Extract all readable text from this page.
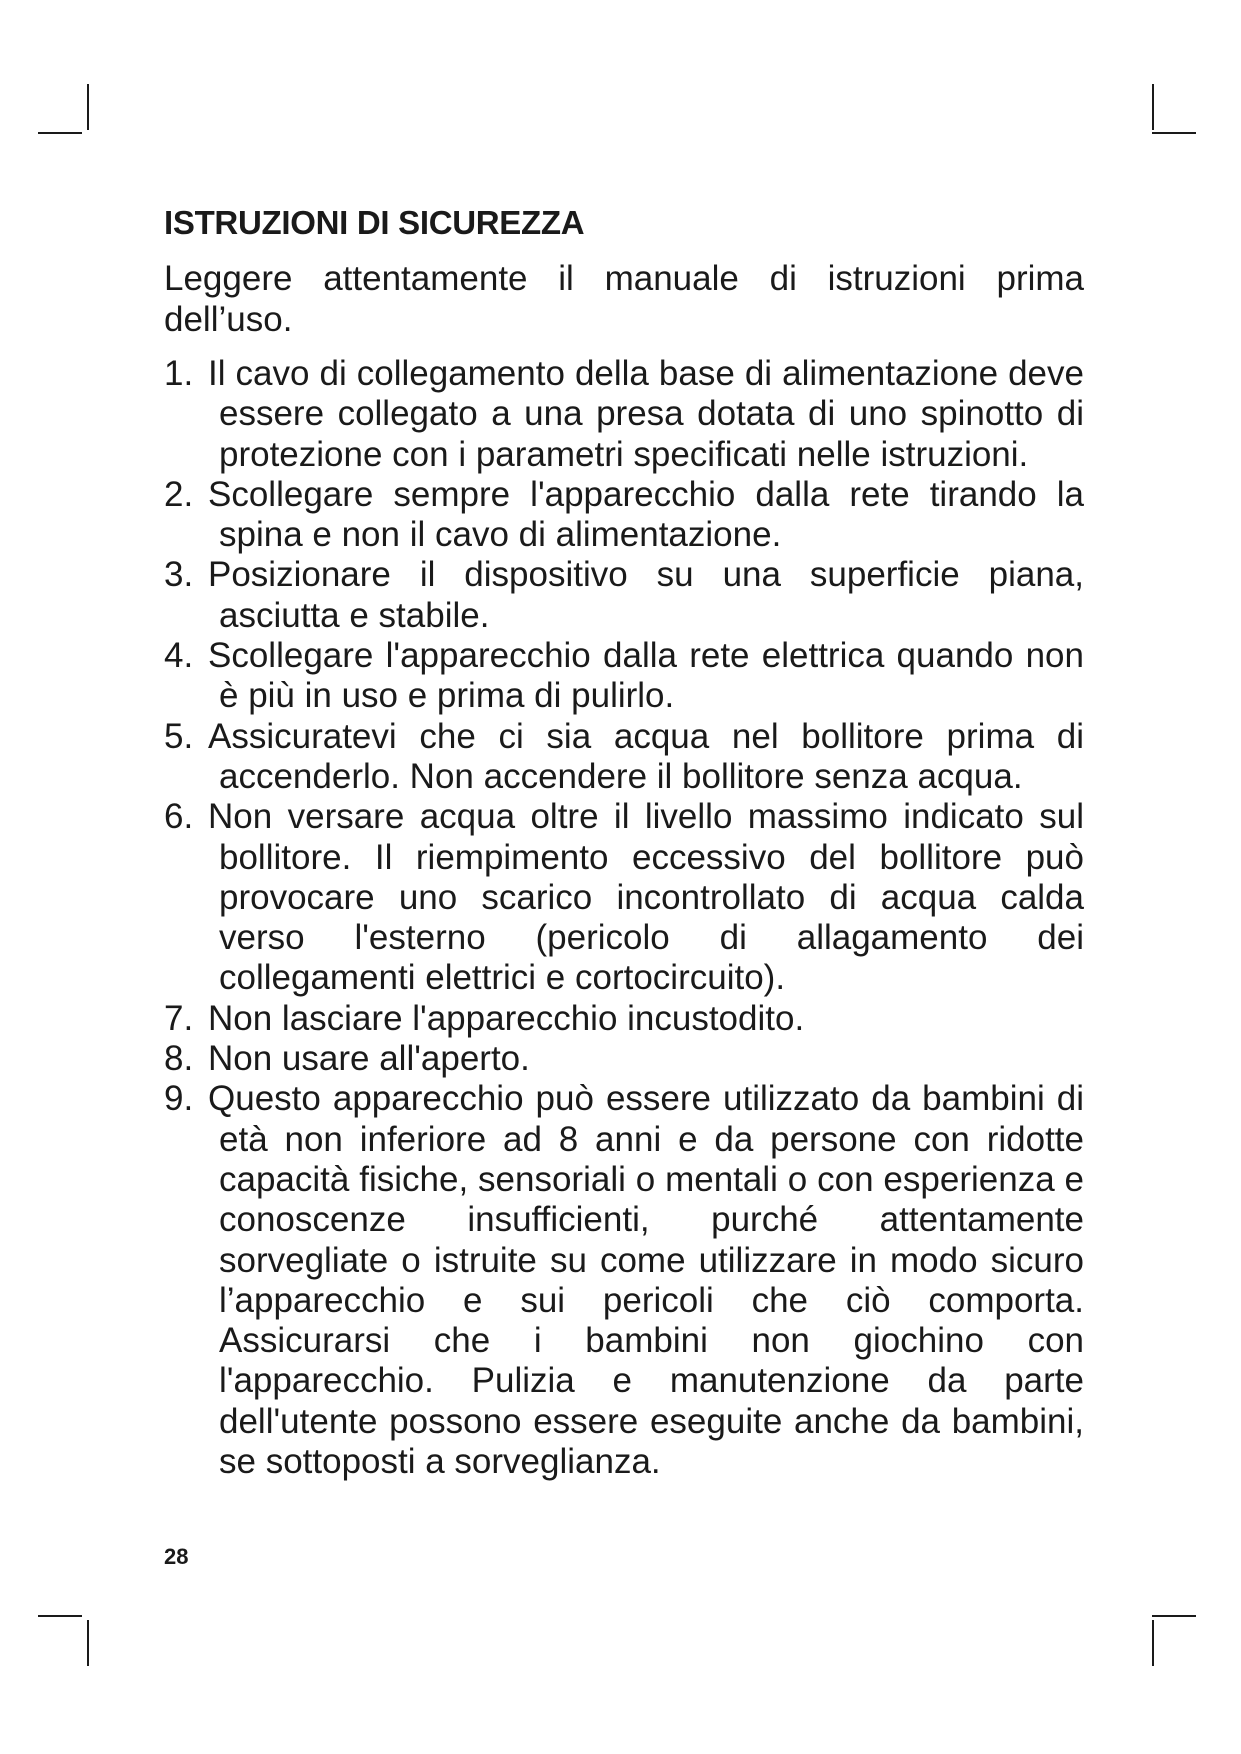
ISTRUZIONI DI SICUREZZA

Leggere attentamente il manuale di istruzioni prima dell’uso.

1. Il cavo di collegamento della base di alimentazione deve essere collegato a una presa dotata di uno spinotto di protezione con i parametri specificati nelle istruzioni.
2. Scollegare sempre l'apparecchio dalla rete tirando la spina e non il cavo di alimentazione.
3. Posizionare il dispositivo su una superficie piana, asciutta e stabile.
4. Scollegare l'apparecchio dalla rete elettrica quando non è più in uso e prima di pulirlo.
5. Assicuratevi che ci sia acqua nel bollitore prima di accenderlo. Non accendere il bollitore senza acqua.
6. Non versare acqua oltre il livello massimo indicato sul bollitore. Il riempimento eccessivo del bollitore può provocare uno scarico incontrollato di acqua calda verso l'esterno (pericolo di allagamento dei collegamenti elettrici e cortocircuito).
7. Non lasciare l'apparecchio incustodito.
8. Non usare all'aperto.
9. Questo apparecchio può essere utilizzato da bambini di età non inferiore ad 8 anni e da persone con ridotte capacità fisiche, sensoriali o mentali o con esperienza e conoscenze insufficienti, purché attentamente sorvegliate o istruite su come utilizzare in modo sicuro l’apparecchio e sui pericoli che ciò comporta. Assicurarsi che i bambini non giochino con l'apparecchio. Pulizia e manutenzione da parte dell'utente possono essere eseguite anche da bambini, se sottoposti a sorveglianza.
28
